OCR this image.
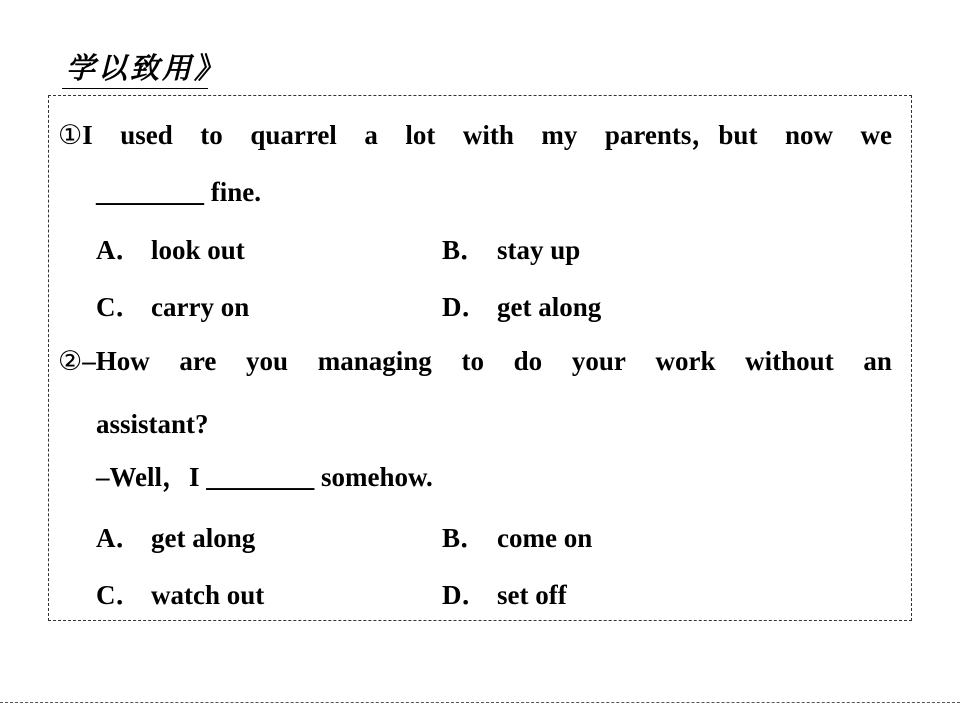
学以致用》
①I used to quarrel a lot with my parents，but now we
________ fine.
A． look out	B． stay up
C． carry on	D． get along
②–How are you managing to do your work without an
assistant?
–Well，I ________ somehow.
A． get along	B． come on
C． watch out	D． set off
